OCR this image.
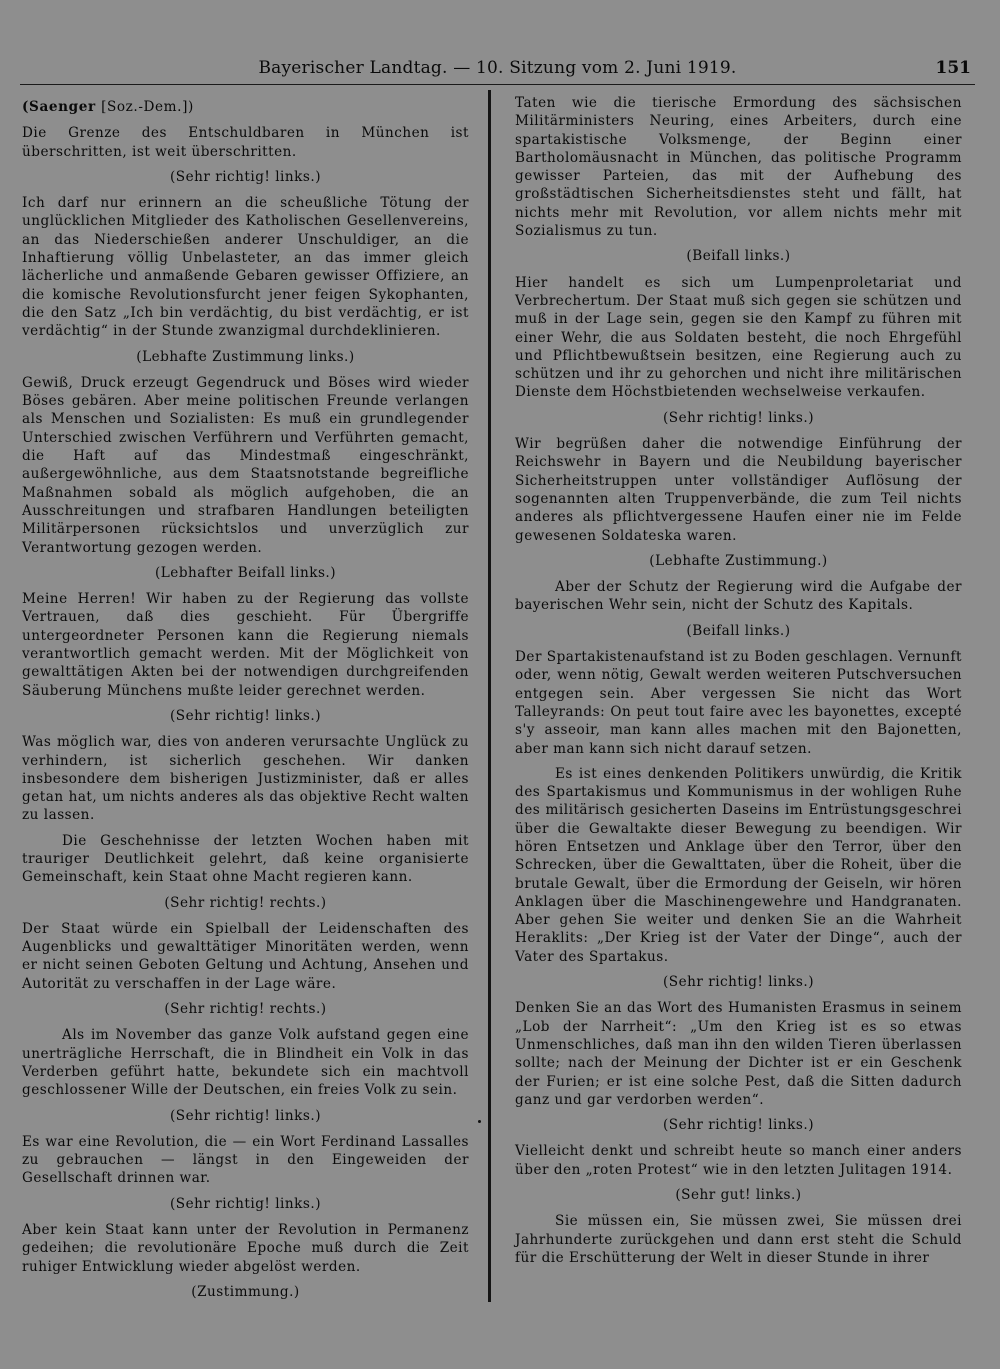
Bayerischer Landtag. — 10. Sitzung vom 2. Juni 1919.	151
(Saenger [Soz.-Dem.])

Die Grenze des Entschuldbaren in München ist überschritten, ist weit überschritten.

(Sehr richtig! links.)

Ich darf nur erinnern an die scheußliche Tötung der unglücklichen Mitglieder des Katholischen Gesellenvereins, an das Niederschießen anderer Unschuldiger, an die Inhaftierung völlig Unbelasteter, an das immer gleich lächerliche und anmaßende Gebaren gewisser Offiziere, an die komische Revolutionsfurcht jener feigen Sykophanten, die den Satz „Ich bin verdächtig, du bist verdächtig, er ist verdächtig“ in der Stunde zwanzigmal durchdeklinieren.

(Lebhafte Zustimmung links.)

Gewiß, Druck erzeugt Gegendruck und Böses wird wieder Böses gebären. Aber meine politischen Freunde verlangen als Menschen und Sozialisten: Es muß ein grundlegender Unterschied zwischen Verführern und Verführten gemacht, die Haft auf das Mindestmaß eingeschränkt, außergewöhnliche, aus dem Staatsnotstande begreifliche Maßnahmen sobald als möglich aufgehoben, die an Ausschreitungen und strafbaren Handlungen beteiligten Militärpersonen rücksichtslos und unverzüglich zur Verantwortung gezogen werden.

(Lebhafter Beifall links.)

Meine Herren! Wir haben zu der Regierung das vollste Vertrauen, daß dies geschieht. Für Übergriffe untergeordneter Personen kann die Regierung niemals verantwortlich gemacht werden. Mit der Möglichkeit von gewalttätigen Akten bei der notwendigen durchgreifenden Säuberung Münchens mußte leider gerechnet werden.

(Sehr richtig! links.)

Was möglich war, dies von anderen verursachte Unglück zu verhindern, ist sicherlich geschehen. Wir danken insbesondere dem bisherigen Justizminister, daß er alles getan hat, um nichts anderes als das objektive Recht walten zu lassen.

Die Geschehnisse der letzten Wochen haben mit trauriger Deutlichkeit gelehrt, daß keine organisierte Gemeinschaft, kein Staat ohne Macht regieren kann.

(Sehr richtig! rechts.)

Der Staat würde ein Spielball der Leidenschaften des Augenblicks und gewalttätiger Minoritäten werden, wenn er nicht seinen Geboten Geltung und Achtung, Ansehen und Autorität zu verschaffen in der Lage wäre.

(Sehr richtig! rechts.)

Als im November das ganze Volk aufstand gegen eine unerträgliche Herrschaft, die in Blindheit ein Volk in das Verderben geführt hatte, bekundete sich ein machtvoll geschlossener Wille der Deutschen, ein freies Volk zu sein.

(Sehr richtig! links.)

Es war eine Revolution, die — ein Wort Ferdinand Lassalles zu gebrauchen — längst in den Eingeweiden der Gesellschaft drinnen war.

(Sehr richtig! links.)

Aber kein Staat kann unter der Revolution in Permanenz gedeihen; die revolutionäre Epoche muß durch die Zeit ruhiger Entwicklung wieder abgelöst werden.

(Zustimmung.)

Taten wie die tierische Ermordung des sächsischen Militärministers Neuring, eines Arbeiters, durch eine spartakistische Volksmenge, der Beginn einer Bartholomäusnacht in München, das politische Programm gewisser Parteien, das mit der Aufhebung des großstädtischen Sicherheitsdienstes steht und fällt, hat nichts mehr mit Revolution, vor allem nichts mehr mit Sozialismus zu tun.

(Beifall links.)

Hier handelt es sich um Lumpenproletariat und Verbrechertum. Der Staat muß sich gegen sie schützen und muß in der Lage sein, gegen sie den Kampf zu führen mit einer Wehr, die aus Soldaten besteht, die noch Ehrgefühl und Pflichtbewußtsein besitzen, eine Regierung auch zu schützen und ihr zu gehorchen und nicht ihre militärischen Dienste dem Höchstbietenden wechselweise verkaufen.

(Sehr richtig! links.)

Wir begrüßen daher die notwendige Einführung der Reichswehr in Bayern und die Neubildung bayerischer Sicherheitstruppen unter vollständiger Auflösung der sogenannten alten Truppenverbände, die zum Teil nichts anderes als pflichtvergessene Haufen einer nie im Felde gewesenen Soldateska waren.

(Lebhafte Zustimmung.)

Aber der Schutz der Regierung wird die Aufgabe der bayerischen Wehr sein, nicht der Schutz des Kapitals.

(Beifall links.)

Der Spartakistenaufstand ist zu Boden geschlagen. Vernunft oder, wenn nötig, Gewalt werden weiteren Putschversuchen entgegen sein. Aber vergessen Sie nicht das Wort Talleyrands: On peut tout faire avec les bayonettes, excepté s'y asseoir, man kann alles machen mit den Bajonetten, aber man kann sich nicht darauf setzen.

Es ist eines denkenden Politikers unwürdig, die Kritik des Spartakismus und Kommunismus in der wohligen Ruhe des militärisch gesicherten Daseins im Entrüstungsgeschrei über die Gewaltakte dieser Bewegung zu beendigen. Wir hören Entsetzen und Anklage über den Terror, über den Schrecken, über die Gewalttaten, über die Roheit, über die brutale Gewalt, über die Ermordung der Geiseln, wir hören Anklagen über die Maschinengewehre und Handgranaten. Aber gehen Sie weiter und denken Sie an die Wahrheit Heraklits: „Der Krieg ist der Vater der Dinge“, auch der Vater des Spartakus.

(Sehr richtig! links.)

Denken Sie an das Wort des Humanisten Erasmus in seinem „Lob der Narrheit“: „Um den Krieg ist es so etwas Unmenschliches, daß man ihn den wilden Tieren überlassen sollte; nach der Meinung der Dichter ist er ein Geschenk der Furien; er ist eine solche Pest, daß die Sitten dadurch ganz und gar verdorben werden“.

(Sehr richtig! links.)

Vielleicht denkt und schreibt heute so manch einer anders über den „roten Protest“ wie in den letzten Julitagen 1914.

(Sehr gut! links.)

Sie müssen ein, Sie müssen zwei, Sie müssen drei Jahrhunderte zurückgehen und dann erst steht die Schuld für die Erschütterung der Welt in dieser Stunde in ihrer
